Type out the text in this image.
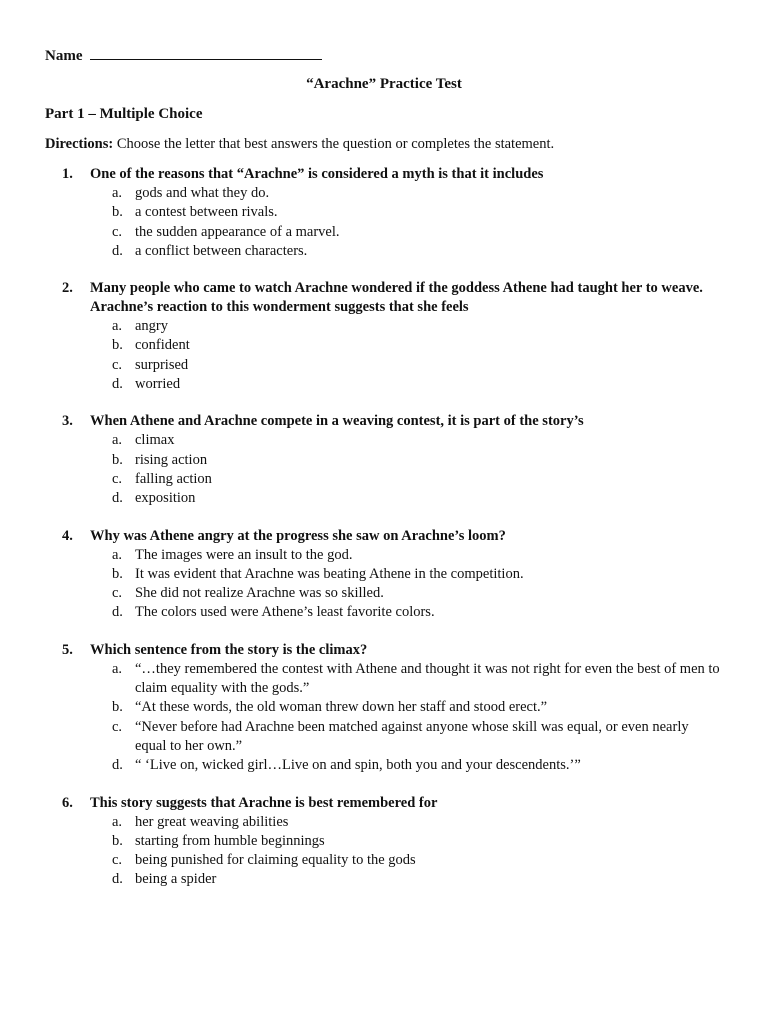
Name
“Arachne” Practice Test
Part 1 – Multiple Choice
Directions: Choose the letter that best answers the question or completes the statement.
1.	One of the reasons that “Arachne” is considered a myth is that it includes
a. gods and what they do.
b. a contest between rivals.
c. the sudden appearance of a marvel.
d. a conflict between characters.
2.	Many people who came to watch Arachne wondered if the goddess Athene had taught her to weave. Arachne’s reaction to this wonderment suggests that she feels
a. angry
b. confident
c. surprised
d. worried
3.	When Athene and Arachne compete in a weaving contest, it is part of the story’s
a. climax
b. rising action
c. falling action
d. exposition
4.	Why was Athene angry at the progress she saw on Arachne’s loom?
a. The images were an insult to the god.
b. It was evident that Arachne was beating Athene in the competition.
c. She did not realize Arachne was so skilled.
d. The colors used were Athene’s least favorite colors.
5.	Which sentence from the story is the climax?
a. “…they remembered the contest with Athene and thought it was not right for even the best of men to claim equality with the gods.”
b. “At these words, the old woman threw down her staff and stood erect.”
c. “Never before had Arachne been matched against anyone whose skill was equal, or even nearly equal to her own.”
d. “ ‘Live on, wicked girl…Live on and spin, both you and your descendents.’”
6.	This story suggests that Arachne is best remembered for
a. her great weaving abilities
b. starting from humble beginnings
c. being punished for claiming equality to the gods
d. being a spider
